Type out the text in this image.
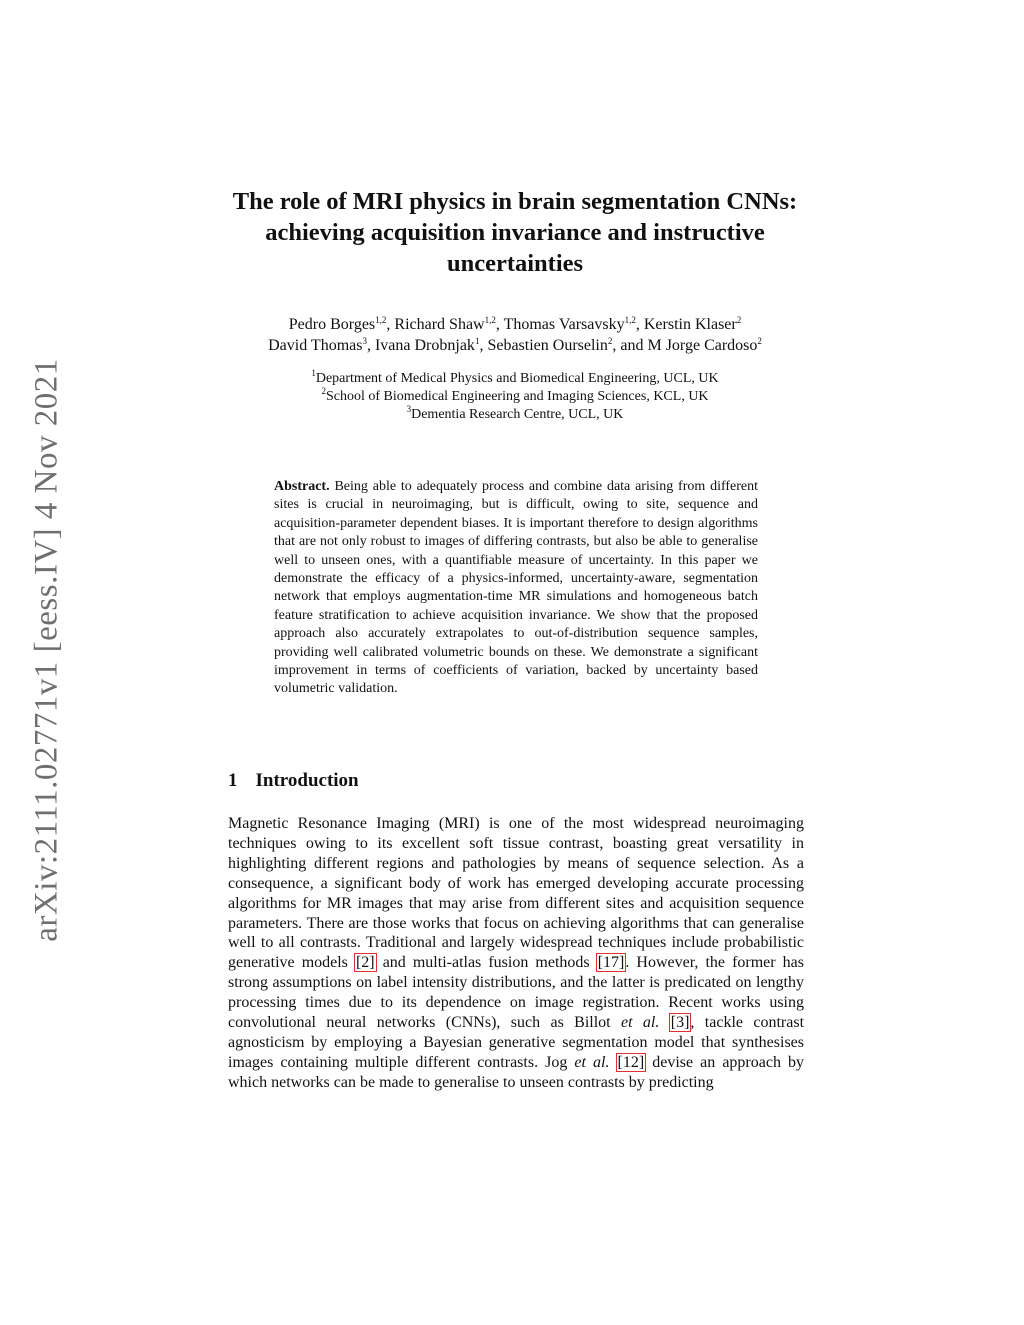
arXiv:2111.02771v1 [eess.IV] 4 Nov 2021
The role of MRI physics in brain segmentation CNNs: achieving acquisition invariance and instructive uncertainties
Pedro Borges$^{1,2}$, Richard Shaw$^{1,2}$, Thomas Varsavsky$^{1,2}$, Kerstin Klaser$^2$
David Thomas$^3$, Ivana Drobnjak$^1$, Sebastien Ourselin$^2$, and M Jorge Cardoso$^2$
$^1$Department of Medical Physics and Biomedical Engineering, UCL, UK
$^2$School of Biomedical Engineering and Imaging Sciences, KCL, UK
$^3$Dementia Research Centre, UCL, UK
Abstract. Being able to adequately process and combine data arising from different sites is crucial in neuroimaging, but is difficult, owing to site, sequence and acquisition-parameter dependent biases. It is important therefore to design algorithms that are not only robust to images of differing contrasts, but also be able to generalise well to unseen ones, with a quantifiable measure of uncertainty. In this paper we demonstrate the efficacy of a physics-informed, uncertainty-aware, segmentation network that employs augmentation-time MR simulations and homogeneous batch feature stratification to achieve acquisition invariance. We show that the proposed approach also accurately extrapolates to out-of-distribution sequence samples, providing well calibrated volumetric bounds on these. We demonstrate a significant improvement in terms of coefficients of variation, backed by uncertainty based volumetric validation.
1 Introduction
Magnetic Resonance Imaging (MRI) is one of the most widespread neuroimaging techniques owing to its excellent soft tissue contrast, boasting great versatility in highlighting different regions and pathologies by means of sequence selection. As a consequence, a significant body of work has emerged developing accurate processing algorithms for MR images that may arise from different sites and acquisition sequence parameters. There are those works that focus on achieving algorithms that can generalise well to all contrasts. Traditional and largely widespread techniques include probabilistic generative models [2] and multi-atlas fusion methods [17]. However, the former has strong assumptions on label intensity distributions, and the latter is predicated on lengthy processing times due to its dependence on image registration. Recent works using convolutional neural networks (CNNs), such as Billot et al. [3], tackle contrast agnosticism by employing a Bayesian generative segmentation model that synthesises images containing multiple different contrasts. Jog et al. [12] devise an approach by which networks can be made to generalise to unseen contrasts by predicting
